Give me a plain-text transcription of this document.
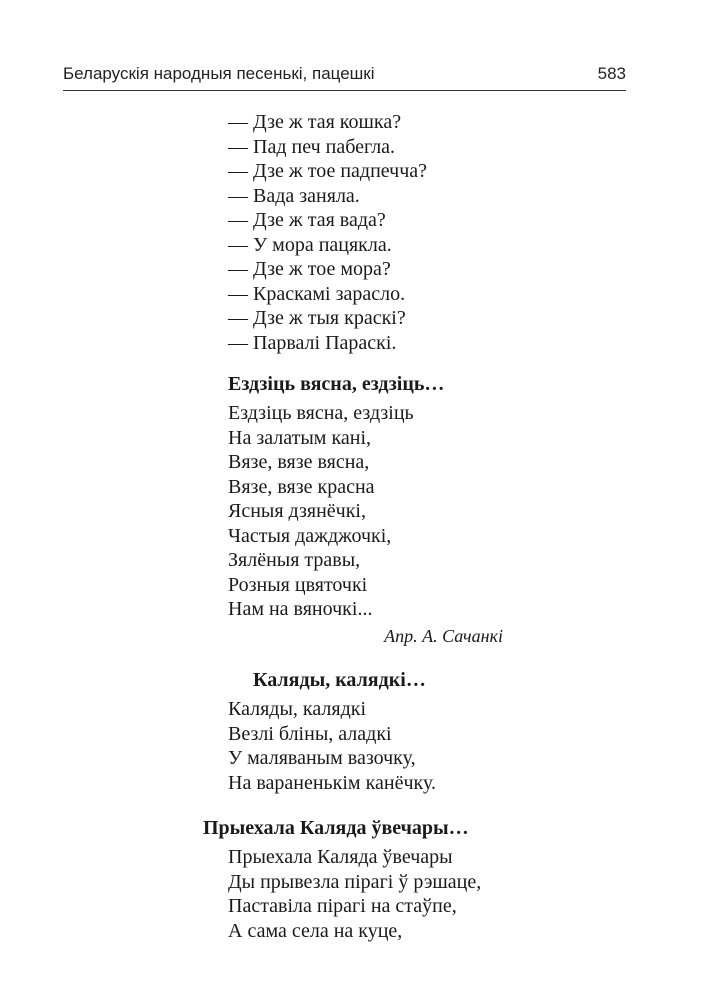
Беларускія народныя песенькі, пацешкі	583
— Дзе ж тая кошка?
— Пад печ пабегла.
— Дзе ж тое падпечча?
— Вада заняла.
— Дзе ж тая вада?
— У мора пацякла.
— Дзе ж тое мора?
— Краскамі зарасло.
— Дзе ж тыя краскі?
— Парвалі Параскі.
Ездзіць вясна, ездзіць…
Ездзіць вясна, ездзіць
На залатым кані,
Вязе, вязе вясна,
Вязе, вязе красна
Ясныя дзянёчкі,
Частыя дажджочкі,
Зялёныя травы,
Розныя цвяточкі
Нам на вяночкі...
Апр. А. Сачанкі
Каляды, калядкі…
Каляды, калядкі
Везлі бліны, аладкі
У маляваным вазочку,
На вараненькім канёчку.
Прыехала Каляда ўвечары…
Прыехала Каляда ўвечары
Ды прывезла пірагі ў рэшаце,
Паставіла пірагі на стаўпе,
А сама села на куце,
